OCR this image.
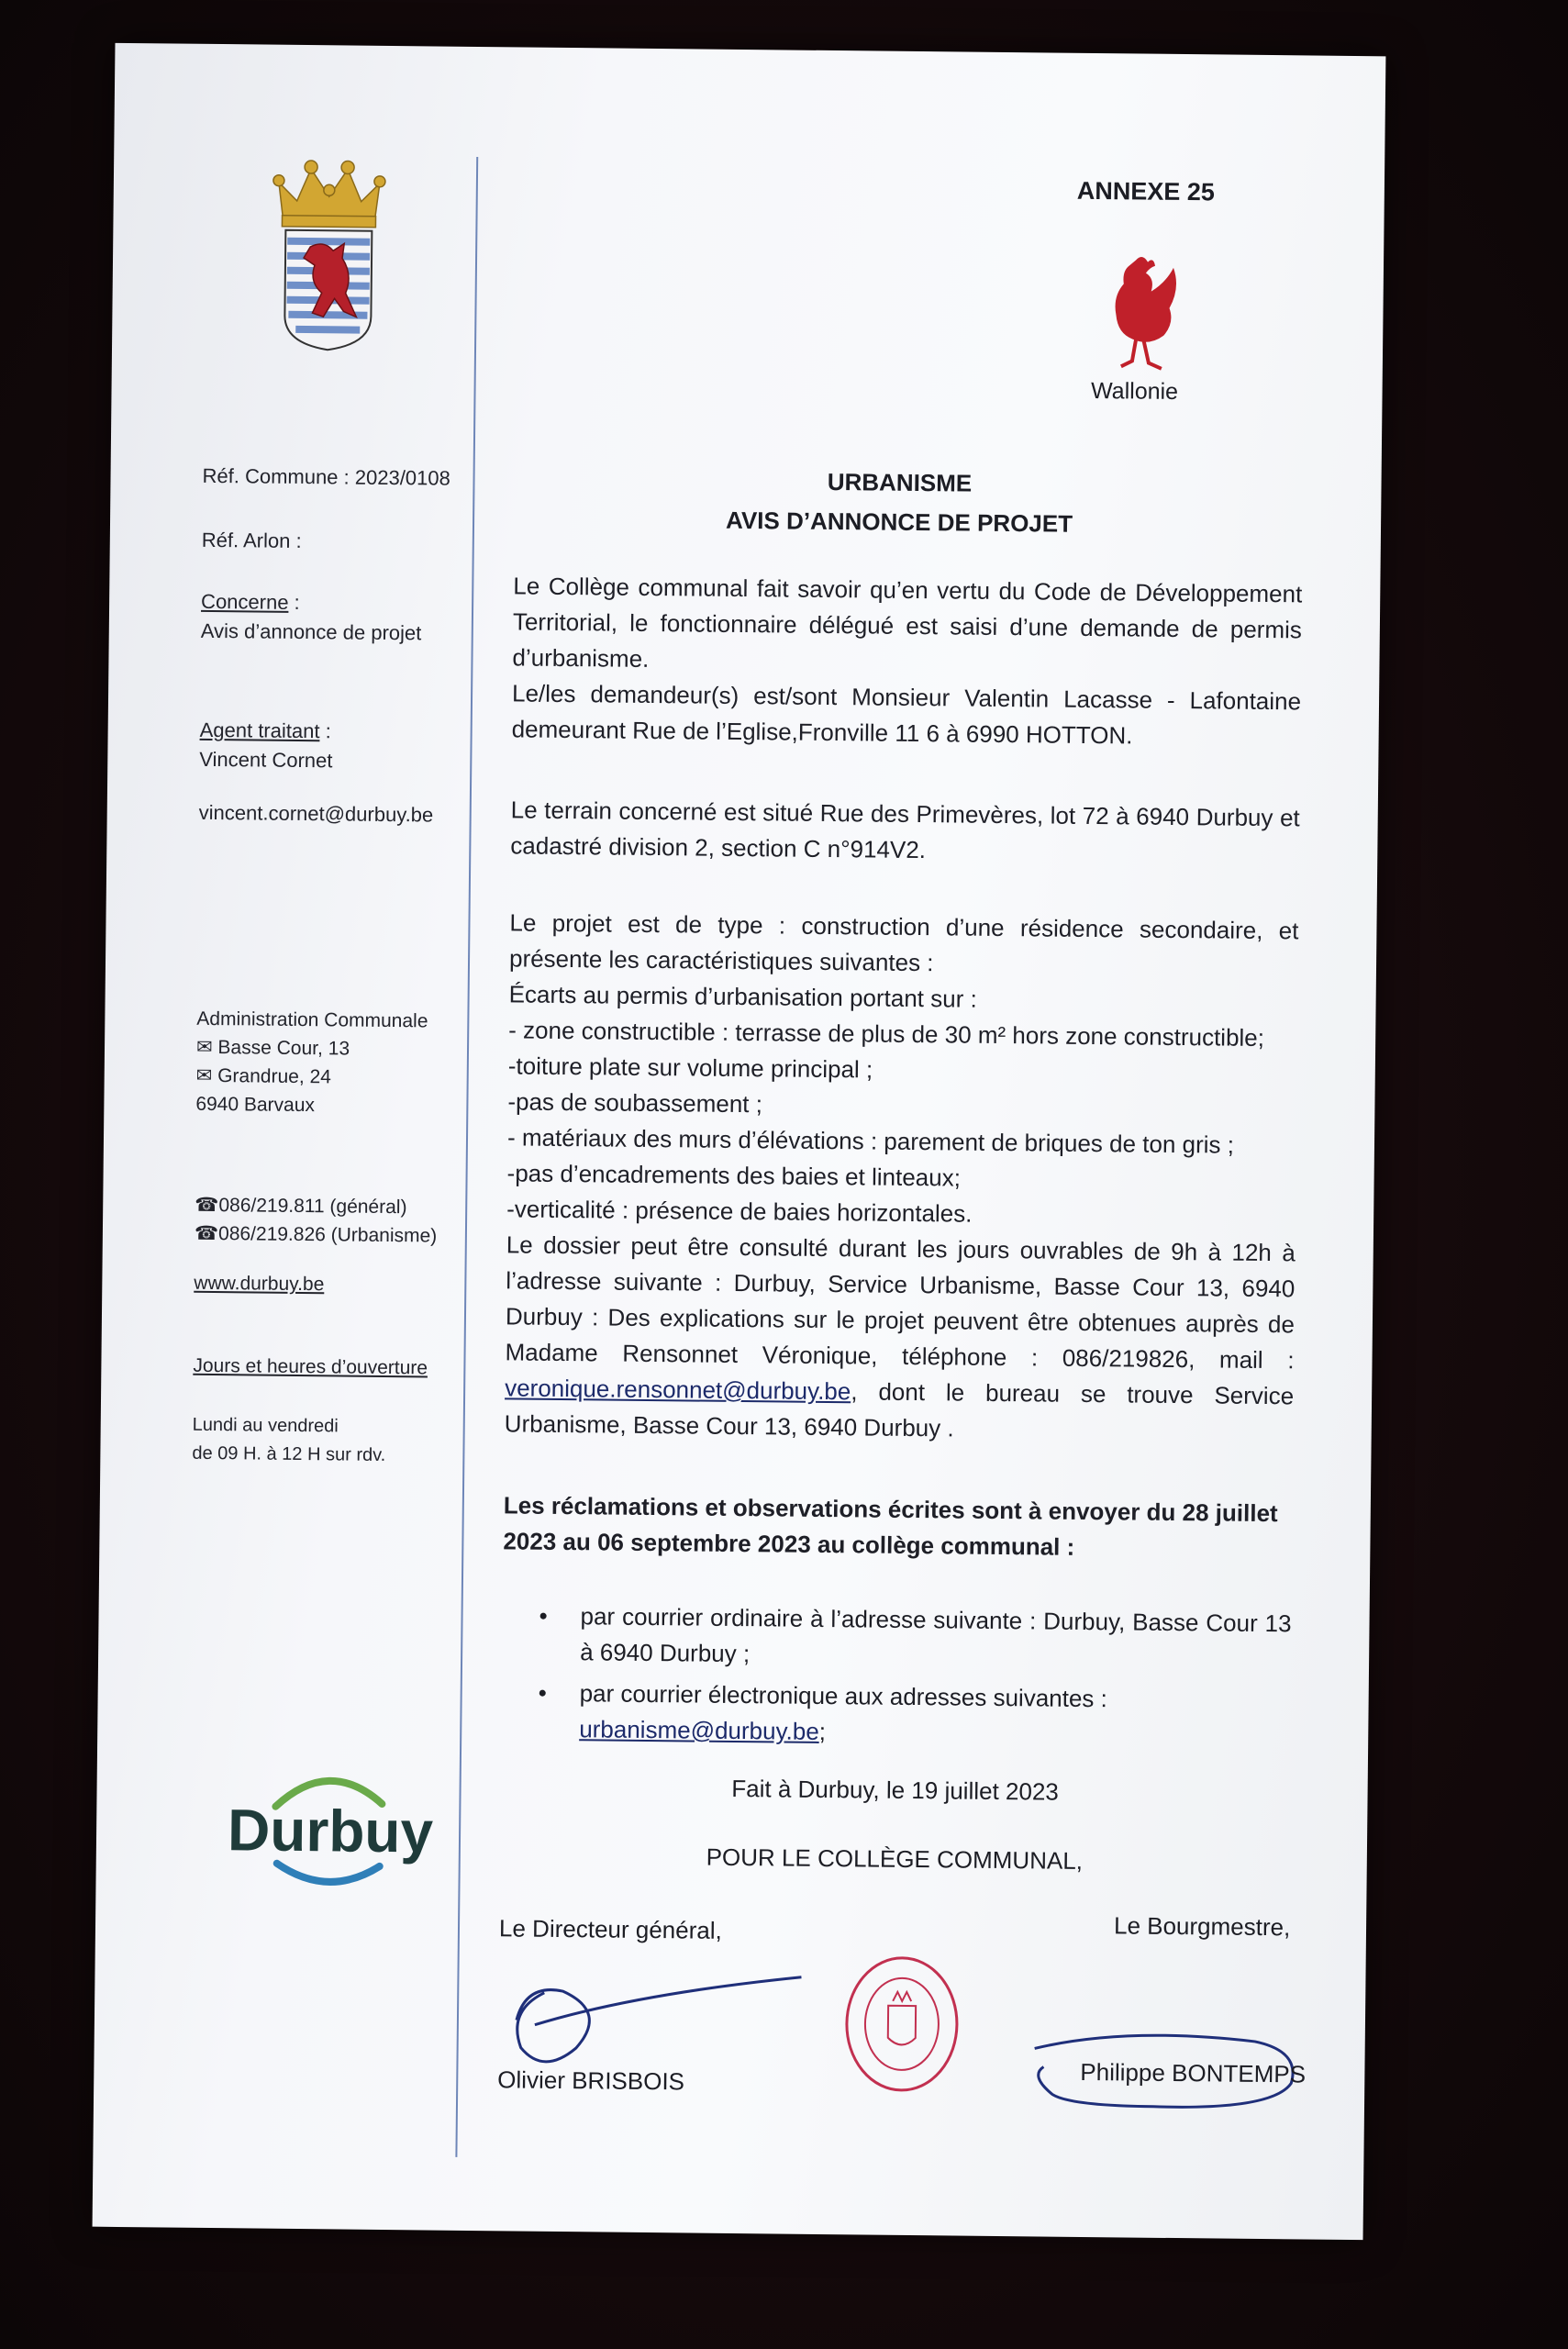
Réf. Commune : 2023/0108
Réf. Arlon :
Concerne :
Avis d’annonce de projet
Agent traitant :
Vincent Cornet
vincent.cornet@durbuy.be
Administration Communale
✉ Basse Cour, 13
✉ Grandrue, 24
6940 Barvaux
☎086/219.811 (général)
☎086/219.826 (Urbanisme)
www.durbuy.be
Jours et heures d’ouverture
Lundi au vendredi
de 09 H. à 12 H sur rdv.
Durbuy
ANNEXE 25
Wallonie
URBANISME
AVIS D’ANNONCE DE PROJET

Le Collège communal fait savoir qu’en vertu du Code de Développement Territorial, le fonctionnaire délégué est saisi d’une demande de permis d’urbanisme.

Le/les demandeur(s) est/sont Monsieur Valentin Lacasse - Lafontaine demeurant Rue de l’Eglise,Fronville 11 6 à 6990 HOTTON.

Le terrain concerné est situé Rue des Primevères, lot 72 à 6940 Durbuy et cadastré division 2, section C n°914V2.

Le projet est de type : construction d’une résidence secondaire, et présente les caractéristiques suivantes :

Écarts au permis d’urbanisation portant sur :

- zone constructible : terrasse de plus de 30 m² hors zone constructible;

-toiture plate sur volume principal ;

-pas de soubassement ;

- matériaux des murs d’élévations : parement de briques de ton gris ;

-pas d’encadrements des baies et linteaux;

-verticalité : présence de baies horizontales.

Le dossier peut être consulté durant les jours ouvrables de 9h à 12h à l’adresse suivante : Durbuy, Service Urbanisme, Basse Cour 13, 6940 Durbuy : Des explications sur le projet peuvent être obtenues auprès de Madame Rensonnet Véronique, téléphone : 086/219826, mail : veronique.rensonnet@durbuy.be, dont le bureau se trouve Service Urbanisme, Basse Cour 13, 6940 Durbuy .

Les réclamations et observations écrites sont à envoyer du 28 juillet 2023 au 06 septembre 2023 au collège communal :
•	par courrier ordinaire à l’adresse suivante : Durbuy, Basse Cour 13 à 6940 Durbuy ;
•	par courrier électronique aux adresses suivantes :
urbanisme@durbuy.be;
Fait à Durbuy, le 19 juillet 2023
POUR LE COLLÈGE COMMUNAL,
Le Directeur général,	Le Bourgmestre,
Olivier BRISBOIS	Philippe BONTEMPS
